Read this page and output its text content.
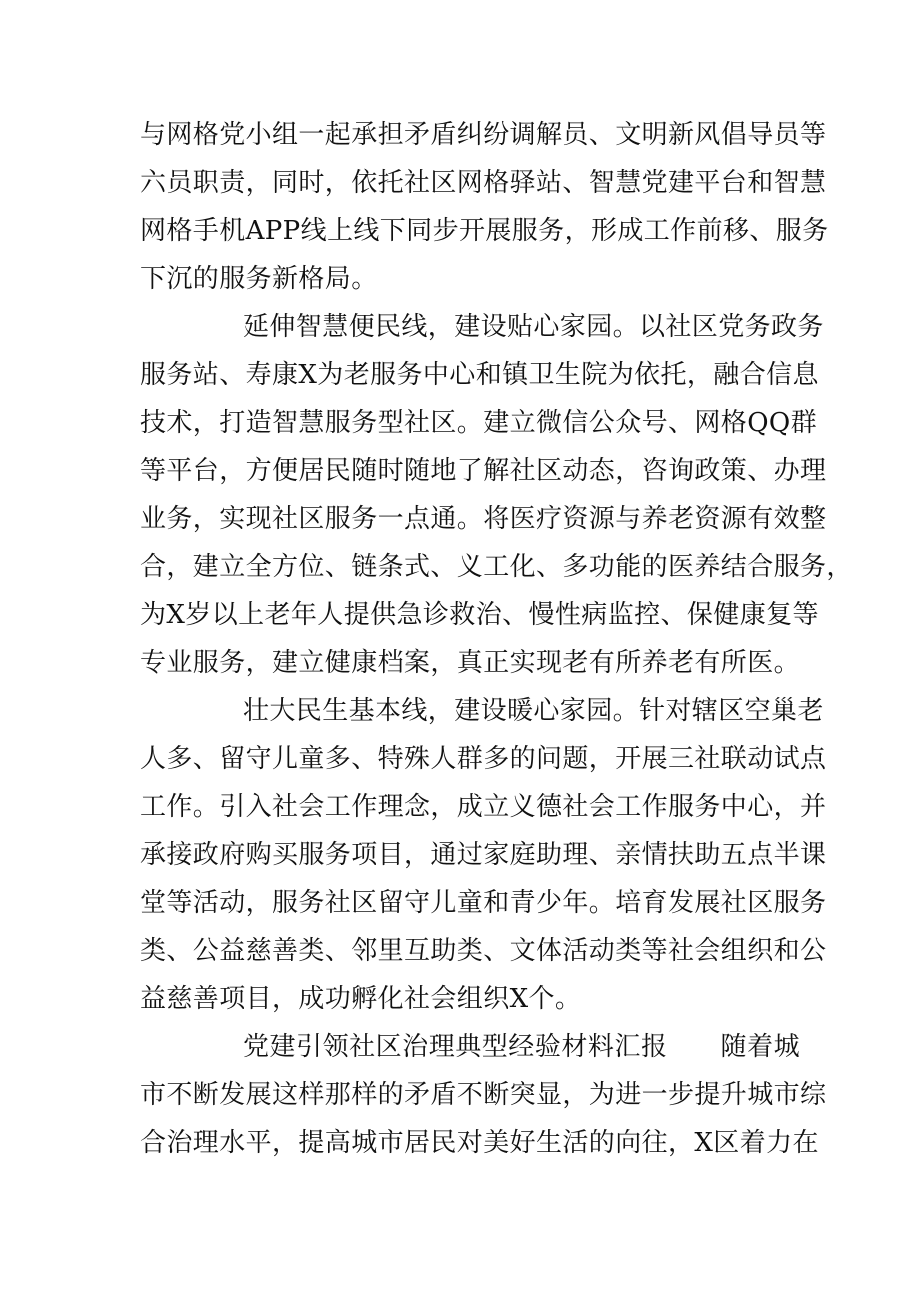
与网格党小组一起承担矛盾纠纷调解员、文明新风倡导员等
六员职责，同时，依托社区网格驿站、智慧党建平台和智慧
网格手机APP线上线下同步开展服务，形成工作前移、服务
下沉的服务新格局。
延伸智慧便民线，建设贴心家园。以社区党务政务
服务站、寿康X为老服务中心和镇卫生院为依托，融合信息
技术，打造智慧服务型社区。建立微信公众号、网格QQ群
等平台，方便居民随时随地了解社区动态，咨询政策、办理
业务，实现社区服务一点通。将医疗资源与养老资源有效整
合，建立全方位、链条式、义工化、多功能的医养结合服务，
为X岁以上老年人提供急诊救治、慢性病监控、保健康复等
专业服务，建立健康档案，真正实现老有所养老有所医。
壮大民生基本线，建设暖心家园。针对辖区空巢老
人多、留守儿童多、特殊人群多的问题，开展三社联动试点
工作。引入社会工作理念，成立义德社会工作服务中心，并
承接政府购买服务项目，通过家庭助理、亲情扶助五点半课
堂等活动，服务社区留守儿童和青少年。培育发展社区服务
类、公益慈善类、邻里互助类、文体活动类等社会组织和公
益慈善项目，成功孵化社会组织X个。
党建引领社区治理典型经验材料汇报　　随着城
市不断发展这样那样的矛盾不断突显，为进一步提升城市综
合治理水平，提高城市居民对美好生活的向往，X区着力在
